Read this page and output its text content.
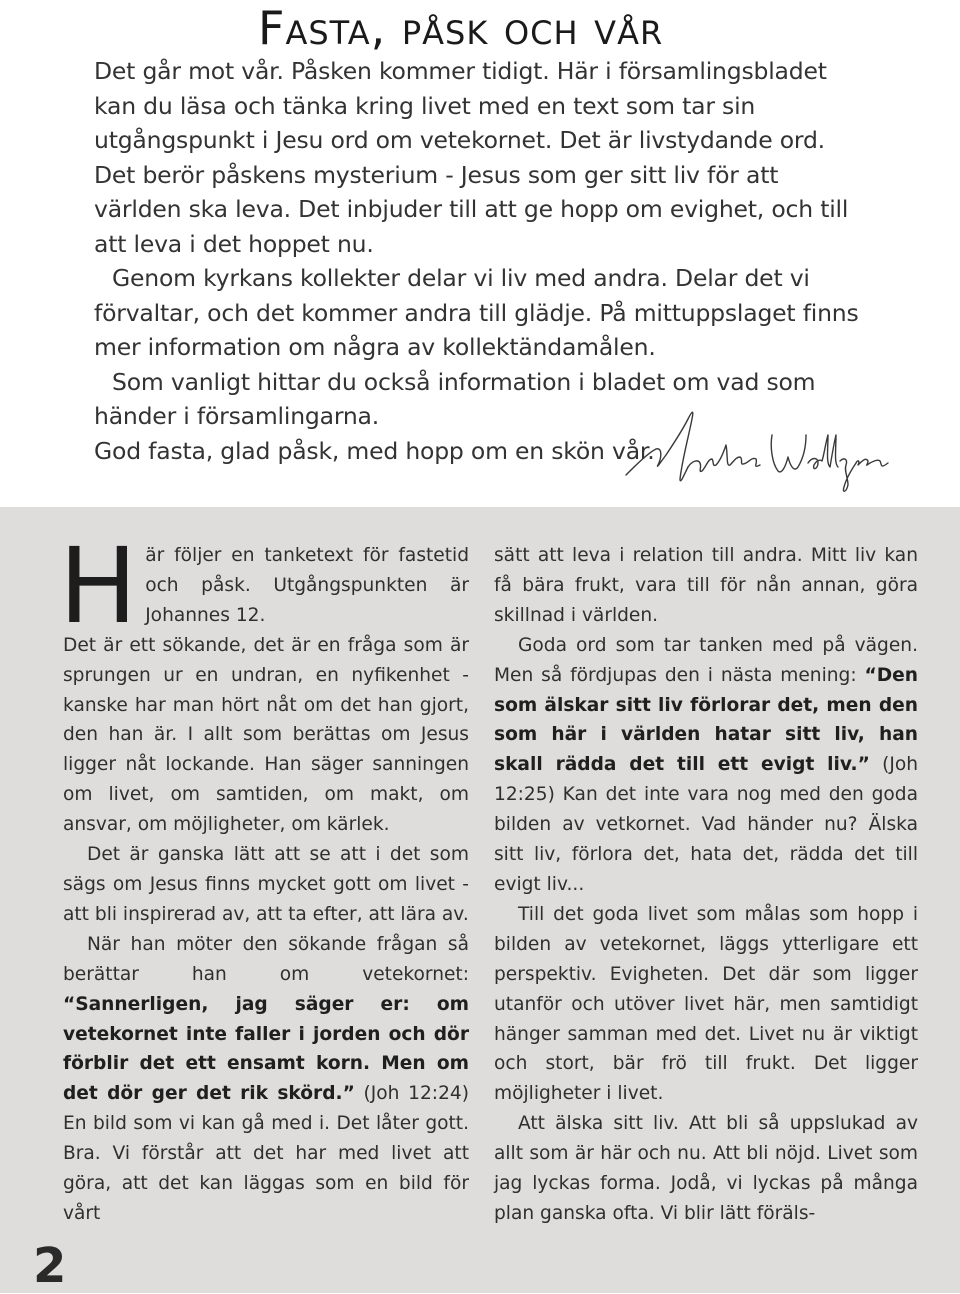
Fasta, påsk och vår

Det går mot vår. Påsken kommer tidigt. Här i församlingsbladet kan du läsa och tänka kring livet med en text som tar sin utgångspunkt i Jesu ord om vetekornet. Det är livstydande ord. Det berör påskens mysterium - Jesus som ger sitt liv för att världen ska leva. Det inbjuder till att ge hopp om evighet, och till att leva i det hoppet nu.

Genom kyrkans kollekter delar vi liv med andra. Delar det vi förvaltar, och det kommer andra till glädje. På mittuppslaget finns mer information om några av kollektändamålen.

Som vanligt hittar du också information i bladet om vad som händer i församlingarna.

God fasta, glad påsk, med hopp om en skön vår.

Här följer en tanketext för fastetid och påsk. Utgångspunkten är Johannes 12.

Det är ett sökande, det är en fråga som är sprungen ur en undran, en nyfikenhet - kanske har man hört nåt om det han gjort, den han är. I allt som berättas om Jesus ligger nåt lockande. Han säger sanningen om livet, om samtiden, om makt, om ansvar, om möjligheter, om kärlek.

Det är ganska lätt att se att i det som sägs om Jesus finns mycket gott om livet - att bli inspirerad av, att ta efter, att lära av.

När han möter den sökande frågan så berättar han om vetekornet: “Sannerligen, jag säger er: om vetekornet inte faller i jorden och dör förblir det ett ensamt korn. Men om det dör ger det rik skörd.” (Joh 12:24) En bild som vi kan gå med i. Det låter gott. Bra. Vi förstår att det har med livet att göra, att det kan läggas som en bild för vårt

sätt att leva i relation till andra. Mitt liv kan få bära frukt, vara till för nån annan, göra skillnad i världen.

Goda ord som tar tanken med på vägen. Men så fördjupas den i nästa mening: “Den som älskar sitt liv förlorar det, men den som här i världen hatar sitt liv, han skall rädda det till ett evigt liv.” (Joh 12:25) Kan det inte vara nog med den goda bilden av vetkornet. Vad händer nu? Älska sitt liv, förlora det, hata det, rädda det till evigt liv...

Till det goda livet som målas som hopp i bilden av vetekornet, läggs ytterligare ett perspektiv. Evigheten. Det där som ligger utanför och utöver livet här, men samtidigt hänger samman med det. Livet nu är viktigt och stort, bär frö till frukt. Det ligger möjligheter i livet.

Att älska sitt liv. Att bli så uppslukad av allt som är här och nu. Att bli nöjd. Livet som jag lyckas forma. Jodå, vi lyckas på många plan ganska ofta. Vi blir lätt föräls-

2
